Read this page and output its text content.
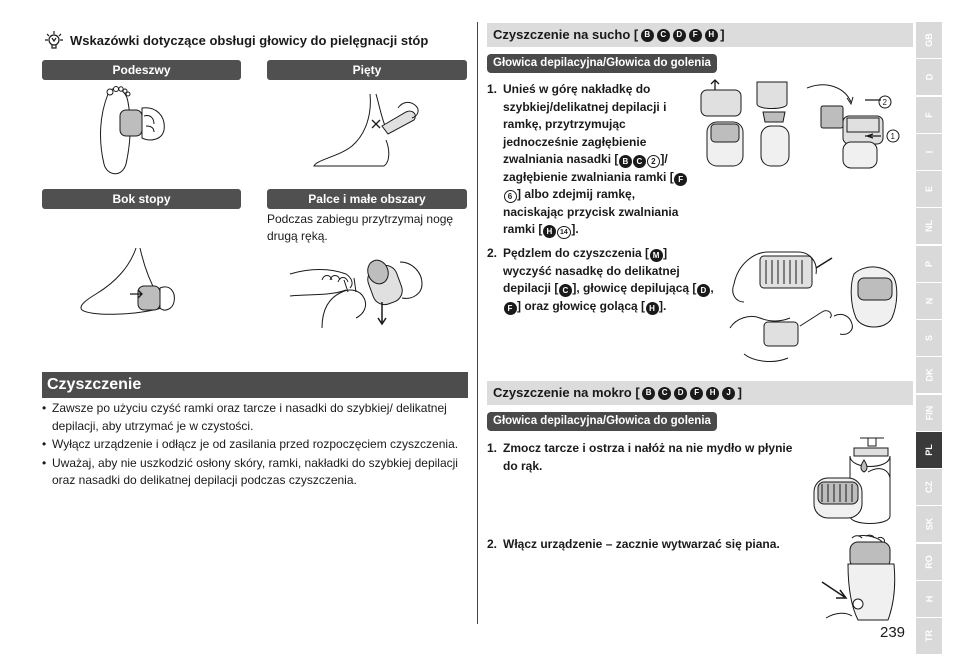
Wskazówki dotyczące obsługi głowicy do pielęgnacji stóp
Podeszwy	Pięty
Bok stopy	Palce i małe obszary
Podczas zabiegu przytrzymaj nogę drugą ręką.
Czyszczenie
• Zawsze po użyciu czyść ramki oraz tarcze i nasadki do szybkiej/ delikatnej depilacji, aby utrzymać je w czystości.
• Wyłącz urządzenie i odłącz je od zasilania przed rozpoczęciem czyszczenia.
• Uważaj, aby nie uszkodzić osłony skóry, ramki, nakładki do szybkiej depilacji oraz nasadki do delikatnej depilacji podczas czyszczenia.
Czyszczenie na sucho [ B	C	D	F	H ]
Głowica depilacyjna/Głowica do golenia
1. Unieś w górę nakładkę do szybkiej/delikatnej depilacji i ramkę, przytrzymując jednocześnie zagłębienie zwalniania nasadki [ B C 2 ]/ zagłębienie zwalniania ramki [ F6 ] albo zdejmij ramkę, naciskając przycisk zwalniania ramki [ H 14 ].
2
1
2. Pędzlem do czyszczenia [ M ] wyczyść nasadkę do delikatnej depilacji [ C ], głowicę depilującą [ D , F ] oraz głowicę golącą [ H ].
Czyszczenie na mokro [ B	C	D	F	H	J ]
Głowica depilacyjna/Głowica do golenia
1. Zmocz tarcze i ostrza i nałóż na nie mydło w płynie do rąk.
2. Włącz urządzenie – zacznie wytwarzać się piana.
GB
D
F
I
E
NL
P
N
S
DK
FIN
PL
CZ
SK
RO
H
TR
239
